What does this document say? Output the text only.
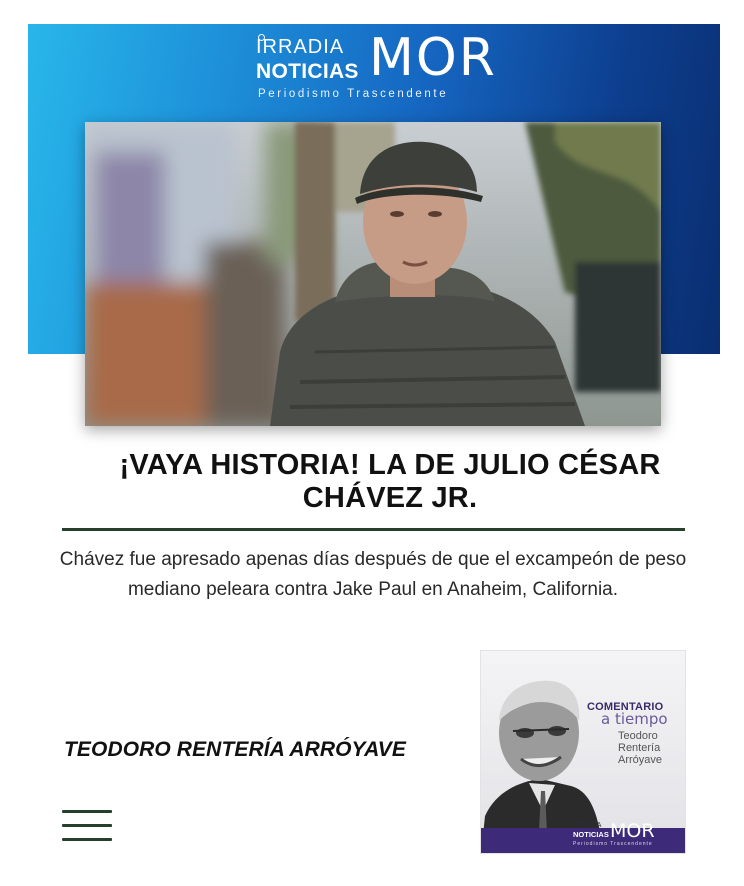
IRRADIA
NOTICIAS MOR
Periodismo Trascendente
¡VAYA HISTORIA! LA DE JULIO CÉSAR
CHÁVEZ JR.

Chávez fue apresado apenas días después de que el excampeón de peso mediano peleara contra Jake Paul en Anaheim, California.

TEODORO RENTERÍA ARRÓYAVE
COMENTARIO
a tiempo
Teodoro
Rentería
Arróyave
IRRADIA
NOTICIAS MOR
Periodismo Trascendente
